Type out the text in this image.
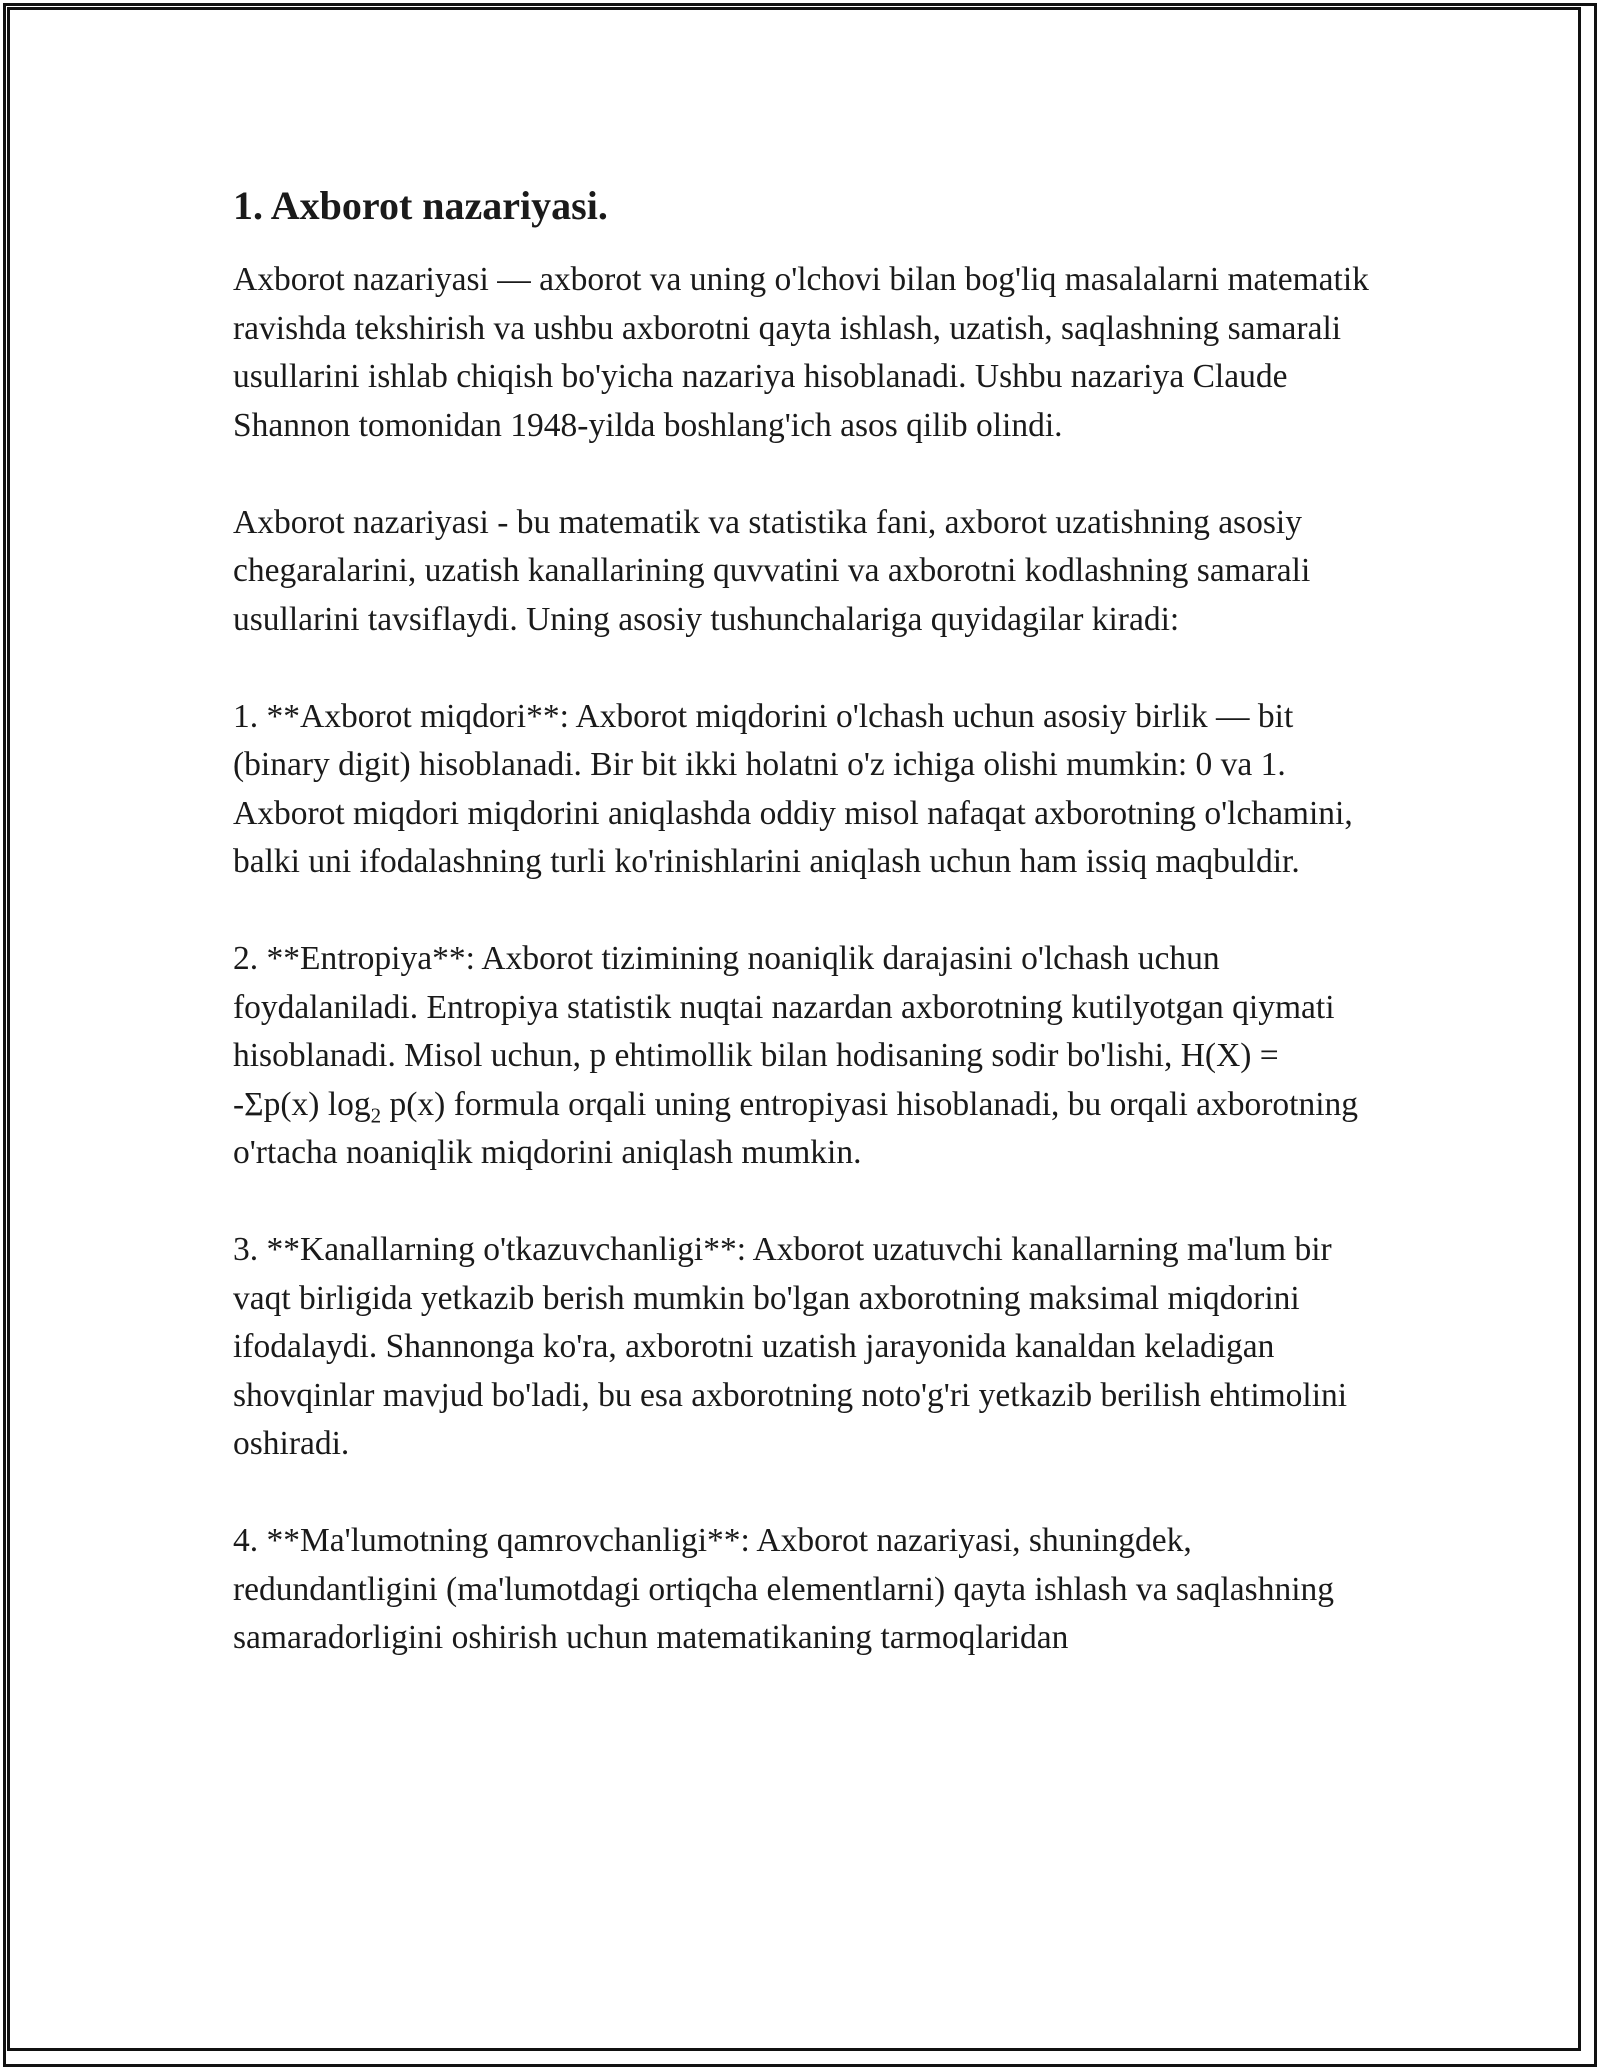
1. Axborot nazariyasi.

Axborot nazariyasi — axborot va uning o'lchovi bilan bog'liq masalalarni matematik ravishda tekshirish va ushbu axborotni qayta ishlash, uzatish, saqlashning samarali usullarini ishlab chiqish bo'yicha nazariya hisoblanadi. Ushbu nazariya Claude Shannon tomonidan 1948-yilda boshlang'ich asos qilib olindi.

Axborot nazariyasi - bu matematik va statistika fani, axborot uzatishning asosiy chegaralarini, uzatish kanallarining quvvatini va axborotni kodlashning samarali usullarini tavsiflaydi. Uning asosiy tushunchalariga quyidagilar kiradi:

1. **Axborot miqdori**: Axborot miqdorini o'lchash uchun asosiy birlik — bit (binary digit) hisoblanadi. Bir bit ikki holatni o'z ichiga olishi mumkin: 0 va 1. Axborot miqdori miqdorini aniqlashda oddiy misol nafaqat axborotning o'lchamini, balki uni ifodalashning turli ko'rinishlarini aniqlash uchun ham issiq maqbuldir.

2. **Entropiya**: Axborot tizimining noaniqlik darajasini o'lchash uchun foydalaniladi. Entropiya statistik nuqtai nazardan axborotning kutilyotgan qiymati hisoblanadi. Misol uchun, p ehtimollik bilan hodisaning sodir bo'lishi, H(X) = -Σp(x) $\log_2 p(x)$ formula orqali uning entropiyasi hisoblanadi, bu orqali axborotning o'rtacha noaniqlik miqdorini aniqlash mumkin.

3. **Kanallarning o'tkazuvchanligi**: Axborot uzatuvchi kanallarning ma'lum bir vaqt birligida yetkazib berish mumkin bo'lgan axborotning maksimal miqdorini ifodalaydi. Shannonga ko'ra, axborotni uzatish jarayonida kanaldan keladigan shovqinlar mavjud bo'ladi, bu esa axborotning noto'g'ri yetkazib berilish ehtimolini oshiradi.

4. **Ma'lumotning qamrovchanligi**: Axborot nazariyasi, shuningdek, redundantligini (ma'lumotdagi ortiqcha elementlarni) qayta ishlash va saqlashning samaradorligini oshirish uchun matematikaning tarmoqlaridan
